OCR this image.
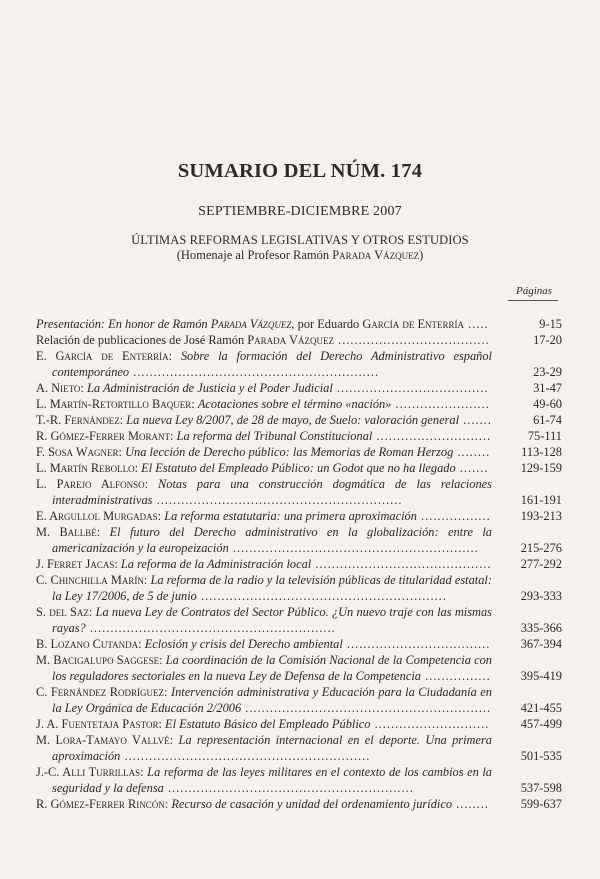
SUMARIO DEL NÚM. 174
SEPTIEMBRE-DICIEMBRE 2007
ÚLTIMAS REFORMAS LEGISLATIVAS Y OTROS ESTUDIOS
(Homenaje al Profesor Ramón Parada Vázquez)
Páginas
Presentación: En honor de Ramón Parada Vázquez, por Eduardo García de Enterría .....	9-15
Relación de publicaciones de José Ramón Parada Vázquez .....................................	17-20
E. García de Enterría: Sobre la formación del Derecho Administrativo español contemporáneo ............................................................	23-29
A. Nieto: La Administración de Justicia y el Poder Judicial .....................................	31-47
L. Martín-Retortillo Baquer: Acotaciones sobre el término «nación» .......................	49-60
T.-R. Fernández: La nueva Ley 8/2007, de 28 de mayo, de Suelo: valoración general .......	61-74
R. Gómez-Ferrer Morant: La reforma del Tribunal Constitucional ............................	75-111
F. Sosa Wagner: Una lección de Derecho público: las Memorias de Roman Herzog ........	113-128
L. Martín Rebollo: El Estatuto del Empleado Público: un Godot que no ha llegado .......	129-159
L. Parejo Alfonso: Notas para una construcción dogmática de las relaciones interadministrativas ............................................................	161-191
E. Argullol Murgadas: La reforma estatutaria: una primera aproximación .................	193-213
M. Ballbé: El futuro del Derecho administrativo en la globalización: entre la americanización y la europeización ............................................................	215-276
J. Ferret Jacas: La reforma de la Administración local ...........................................	277-292
C. Chinchilla Marín: La reforma de la radio y la televisión públicas de titularidad estatal: la Ley 17/2006, de 5 de junio ............................................................	293-333
S. del Saz: La nueva Ley de Contratos del Sector Público. ¿Un nuevo traje con las mismas rayas? ............................................................	335-366
B. Lozano Cutanda: Eclosión y crisis del Derecho ambiental ...................................	367-394
M. Bacigalupo Saggese: La coordinación de la Comisión Nacional de la Competencia con los reguladores sectoriales en la nueva Ley de Defensa de la Competencia ................	395-419
C. Fernández Rodríguez: Intervención administrativa y Educación para la Ciudadanía en la Ley Orgánica de Educación 2/2006 ............................................................	421-455
J. A. Fuentetaja Pastor: El Estatuto Básico del Empleado Público ............................	457-499
M. Lora-Tamayo Vallvé: La representación internacional en el deporte. Una primera aproximación ............................................................	501-535
J.-C. Alli Turrillas: La reforma de las leyes militares en el contexto de los cambios en la seguridad y la defensa ............................................................	537-598
R. Gómez-Ferrer Rincón: Recurso de casación y unidad del ordenamiento jurídico ........	599-637
